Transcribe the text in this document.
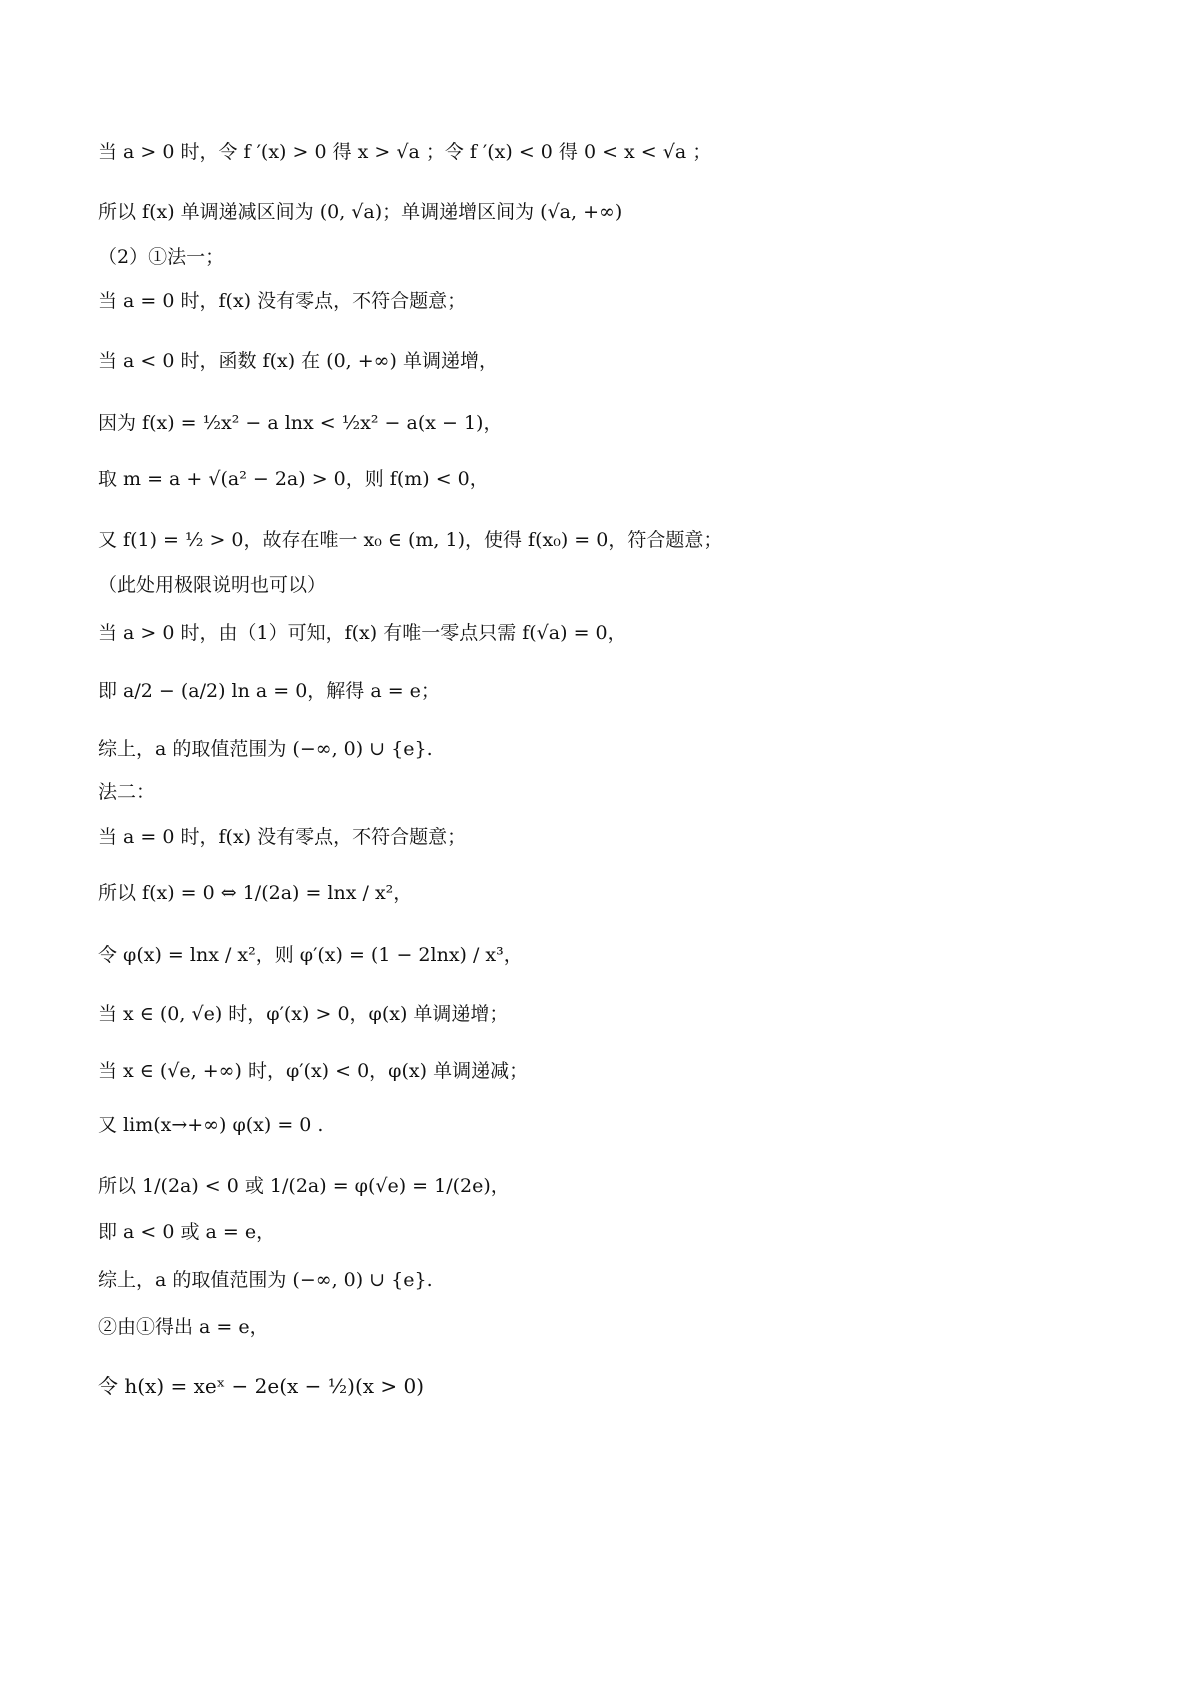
当 a > 0 时，令 f ′(x) > 0 得 x > √a ；令 f ′(x) < 0 得 0 < x < √a ；
所以 f(x) 单调递减区间为 (0, √a)；单调递增区间为 (√a, +∞)
（2）①法一；
当 a = 0 时，f(x) 没有零点，不符合题意；
当 a < 0 时，函数 f(x) 在 (0, +∞) 单调递增，
因为 f(x) = ½x² − a lnx < ½x² − a(x − 1)，
取 m = a + √(a² − 2a) > 0，则 f(m) < 0，
又 f(1) = ½ > 0，故存在唯一 x₀ ∈ (m, 1)，使得 f(x₀) = 0，符合题意；
（此处用极限说明也可以）
当 a > 0 时，由（1）可知，f(x) 有唯一零点只需 f(√a) = 0，
即 a/2 − (a/2) ln a = 0，解得 a = e；
综上，a 的取值范围为 (−∞, 0) ∪ {e}.
法二：
当 a = 0 时，f(x) 没有零点，不符合题意；
所以 f(x) = 0 ⇔ 1/(2a) = lnx / x²，
令 φ(x) = lnx / x²，则 φ′(x) = (1 − 2lnx) / x³，
当 x ∈ (0, √e) 时，φ′(x) > 0，φ(x) 单调递增；
当 x ∈ (√e, +∞) 时，φ′(x) < 0，φ(x) 单调递减；
又 lim(x→+∞) φ(x) = 0 .
所以 1/(2a) < 0 或 1/(2a) = φ(√e) = 1/(2e)，
即 a < 0 或 a = e，
综上，a 的取值范围为 (−∞, 0) ∪ {e}.
②由①得出 a = e，
令 h(x) = xeˣ − 2e(x − ½)(x > 0)
